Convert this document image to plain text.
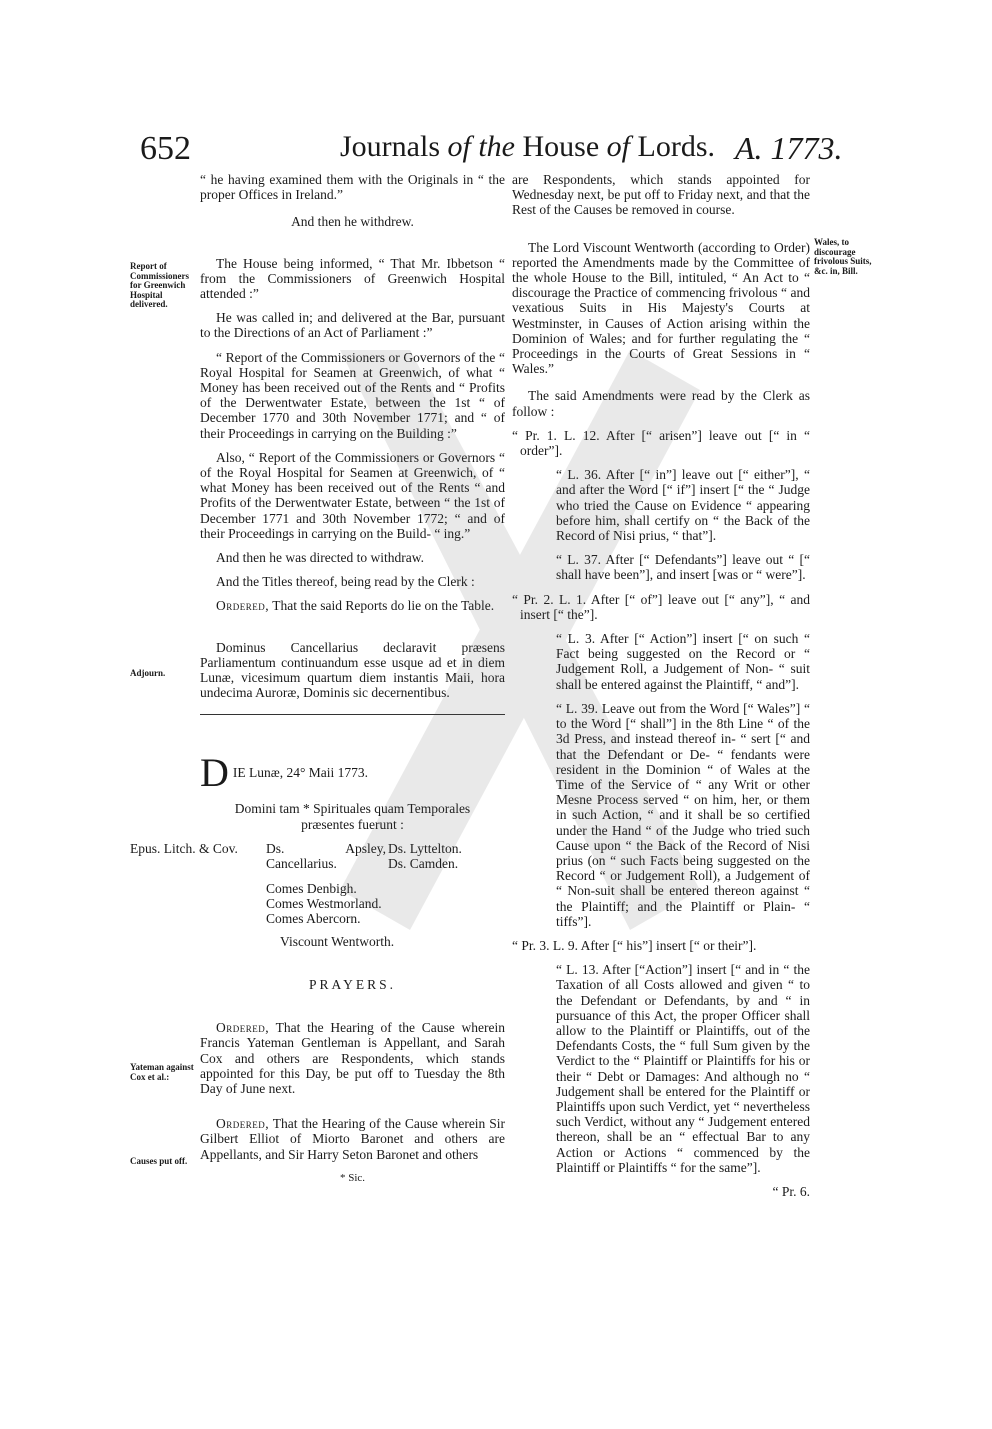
652	Journals of the House of Lords. A. 1773.
Report of Commissioners for Greenwich Hospital delivered.
Adjourn.
Yateman against Cox et al.:
Causes put off.
Wales, to discourage frivolous Suits, &c. in, Bill.

“ he having examined them with the Originals in “ the proper Offices in Ireland.”

And then he withdrew.

The House being informed, “ That Mr. Ibbetson “ from the Commissioners of Greenwich Hospital attended :”

He was called in; and delivered at the Bar, pursuant to the Directions of an Act of Parliament :”

“ Report of the Commissioners or Governors of the “ Royal Hospital for Seamen at Greenwich, of what “ Money has been received out of the Rents and “ Profits of the Derwentwater Estate, between the 1st “ of December 1770 and 30th November 1771; and “ of their Proceedings in carrying on the Building :”

Also, “ Report of the Commissioners or Governors “ of the Royal Hospital for Seamen at Greenwich, of “ what Money has been received out of the Rents “ and Profits of the Derwentwater Estate, between “ the 1st of December 1771 and 30th November 1772; “ and of their Proceedings in carrying on the Build- “ ing.”

And then he was directed to withdraw.

And the Titles thereof, being read by the Clerk :

Ordered, That the said Reports do lie on the Table.

Dominus Cancellarius declaravit præsens Parliamentum continuandum esse usque ad et in diem Lunæ, vicesimum quartum diem instantis Maii, hora undecima Auroræ, Dominis sic decernentibus.

D IE Lunæ, 24° Maii 1773.

Domini tam * Spirituales quam Temporales præsentes fuerunt :

Epus. Litch. & Cov. Ds. Apsley, Cancellarius.
Ds. Lyttelton.
Ds. Camden.
Comes Denbigh.
Comes Westmorland.
Comes Abercorn.
Viscount Wentworth.
PRAYERS.

Ordered, That the Hearing of the Cause wherein Francis Yateman Gentleman is Appellant, and Sarah Cox and others are Respondents, which stands appointed for this Day, be put off to Tuesday the 8th Day of June next.

Ordered, That the Hearing of the Cause wherein Sir Gilbert Elliot of Miorto Baronet and others are Appellants, and Sir Harry Seton Baronet and others

* Sic.

are Respondents, which stands appointed for Wednesday next, be put off to Friday next, and that the Rest of the Causes be removed in course.

The Lord Viscount Wentworth (according to Order) reported the Amendments made by the Committee of the whole House to the Bill, intituled, “ An Act to “ discourage the Practice of commencing frivolous “ and vexatious Suits in His Majesty's Courts at Westminster, in Causes of Action arising within the Dominion of Wales; and for further regulating the “ Proceedings in the Courts of Great Sessions in “ Wales.”

The said Amendments were read by the Clerk as follow :

“ Pr. 1. L. 12. After [“ arisen”] leave out [“ in “ order”].
“ L. 36. After [“ in”] leave out [“ either”], “ and after the Word [“ if”] insert [“ the “ Judge who tried the Cause on Evidence “ appearing before him, shall certify on “ the Back of the Record of Nisi prius, “ that”].
“ L. 37. After [“ Defendants”] leave out “ [“ shall have been”], and insert [was or “ were”].
“ Pr. 2. L. 1. After [“ of”] leave out [“ any”], “ and insert [“ the”].
“ L. 3. After [“ Action”] insert [“ on such “ Fact being suggested on the Record or “ Judgement Roll, a Judgement of Non- “ suit shall be entered against the Plaintiff, “ and”].
“ L. 39. Leave out from the Word [“ Wales”] “ to the Word [“ shall”] in the 8th Line “ of the 3d Press, and instead thereof in- “ sert [“ and that the Defendant or De- “ fendants were resident in the Dominion “ of Wales at the Time of the Service of “ any Writ or other Mesne Process served “ on him, her, or them in such Action, “ and it shall be so certified under the Hand “ of the Judge who tried such Cause upon “ the Back of the Record of Nisi prius (on “ such Facts being suggested on the Record “ or Judgement Roll), a Judgement of “ Non-suit shall be entered thereon against “ the Plaintiff; and the Plaintiff or Plain- “ tiffs”].
“ Pr. 3. L. 9. After [“ his”] insert [“ or their”].
“ L. 13. After [“Action”] insert [“ and in “ the Taxation of all Costs allowed and given “ to the Defendant or Defendants, by and “ in pursuance of this Act, the proper Officer shall allow to the Plaintiff or Plaintiffs, out of the Defendants Costs, the “ full Sum given by the Verdict to the “ Plaintiff or Plaintiffs for his or their “ Debt or Damages: And although no “ Judgement shall be entered for the Plaintiff or Plaintiffs upon such Verdict, yet “ nevertheless such Verdict, without any “ Judgement entered thereon, shall be an “ effectual Bar to any Action or Actions “ commenced by the Plaintiff or Plaintiffs “ for the same”].
“ Pr. 6.
